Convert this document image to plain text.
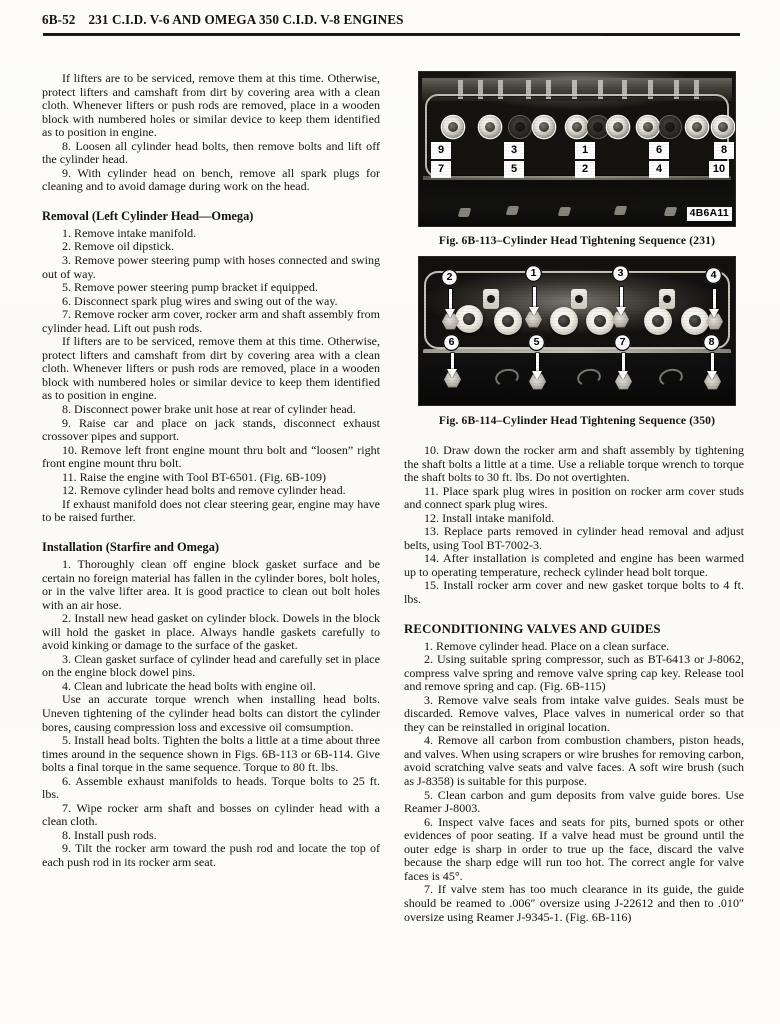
6B-52 231 C.I.D. V-6 AND OMEGA 350 C.I.D. V-8 ENGINES

If lifters are to be serviced, remove them at this time. Otherwise, protect lifters and camshaft from dirt by covering area with a clean cloth. Whenever lifters or push rods are removed, place in a wooden block with numbered holes or similar device to keep them identified as to position in engine.

8. Loosen all cylinder head bolts, then remove bolts and lift off the cylinder head.

9. With cylinder head on bench, remove all spark plugs for cleaning and to avoid damage during work on the head.

Removal (Left Cylinder Head—Omega)

1. Remove intake manifold.

2. Remove oil dipstick.

3. Remove power steering pump with hoses connected and swing out of way.

5. Remove power steering pump bracket if equipped.

6. Disconnect spark plug wires and swing out of the way.

7. Remove rocker arm cover, rocker arm and shaft assembly from cylinder head. Lift out push rods.

If lifters are to be serviced, remove them at this time. Otherwise, protect lifters and camshaft from dirt by covering area with a clean cloth. Whenever lifters or push rods are removed, place in a wooden block with numbered holes or similar device to keep them identified as to position in engine.

8. Disconnect power brake unit hose at rear of cylinder head.

9. Raise car and place on jack stands, disconnect exhaust crossover pipes and support.

10. Remove left front engine mount thru bolt and “loosen” right front engine mount thru bolt.

11. Raise the engine with Tool BT-6501. (Fig. 6B-109)

12. Remove cylinder head bolts and remove cylinder head.

If exhaust manifold does not clear steering gear, engine may have to be raised further.

Installation (Starfire and Omega)

1. Thoroughly clean off engine block gasket surface and be certain no foreign material has fallen in the cylinder bores, bolt holes, or in the valve lifter area. It is good practice to clean out bolt holes with an air hose.

2. Install new head gasket on cylinder block. Dowels in the block will hold the gasket in place. Always handle gaskets carefully to avoid kinking or damage to the surface of the gasket.

3. Clean gasket surface of cylinder head and carefully set in place on the engine block dowel pins.

4. Clean and lubricate the head bolts with engine oil.

Use an accurate torque wrench when installing head bolts. Uneven tightening of the cylinder head bolts can distort the cylinder bores, causing compression loss and excessive oil comsumption.

5. Install head bolts. Tighten the bolts a little at a time about three times around in the sequence shown in Figs. 6B-113 or 6B-114. Give bolts a final torque in the same sequence. Torque to 80 ft. lbs.

6. Assemble exhaust manifolds to heads. Torque bolts to 25 ft. lbs.

7. Wipe rocker arm shaft and bosses on cylinder head with a clean cloth.

8. Install push rods.

9. Tilt the rocker arm toward the push rod and locate the top of each push rod in its rocker arm seat.

9	3	1	6	8
7	5	2	4	10
4B6A11
Fig. 6B-113–Cylinder Head Tightening Sequence (231)
2	1	3	4
6	5	7	8
Fig. 6B-114–Cylinder Head Tightening Sequence (350)

10. Draw down the rocker arm and shaft assembly by tightening the shaft bolts a little at a time. Use a reliable torque wrench to torque the shaft bolts to 30 ft. lbs. Do not overtighten.

11. Place spark plug wires in position on rocker arm cover studs and connect spark plug wires.

12. Install intake manifold.

13. Replace parts removed in cylinder head removal and adjust belts, using Tool BT-7002-3.

14. After installation is completed and engine has been warmed up to operating temperature, recheck cylinder head bolt torque.

15. Install rocker arm cover and new gasket torque bolts to 4 ft. lbs.

RECONDITIONING VALVES AND GUIDES

1. Remove cylinder head. Place on a clean surface.

2. Using suitable spring compressor, such as BT-6413 or J-8062, compress valve spring and remove valve spring cap key. Release tool and remove spring and cap. (Fig. 6B-115)

3. Remove valve seals from intake valve guides. Seals must be discarded. Remove valves, Place valves in numerical order so that they can be reinstalled in original location.

4. Remove all carbon from combustion chambers, piston heads, and valves. When using scrapers or wire brushes for removing carbon, avoid scratching valve seats and valve faces. A soft wire brush (such as J-8358) is suitable for this purpose.

5. Clean carbon and gum deposits from valve guide bores. Use Reamer J-8003.

6. Inspect valve faces and seats for pits, burned spots or other evidences of poor seating. If a valve head must be ground until the outer edge is sharp in order to true up the face, discard the valve because the sharp edge will run too hot. The correct angle for valve faces is 45°.

7. If valve stem has too much clearance in its guide, the guide should be reamed to .006″ oversize using J-22612 and then to .010″ oversize using Reamer J-9345-1. (Fig. 6B-116)
